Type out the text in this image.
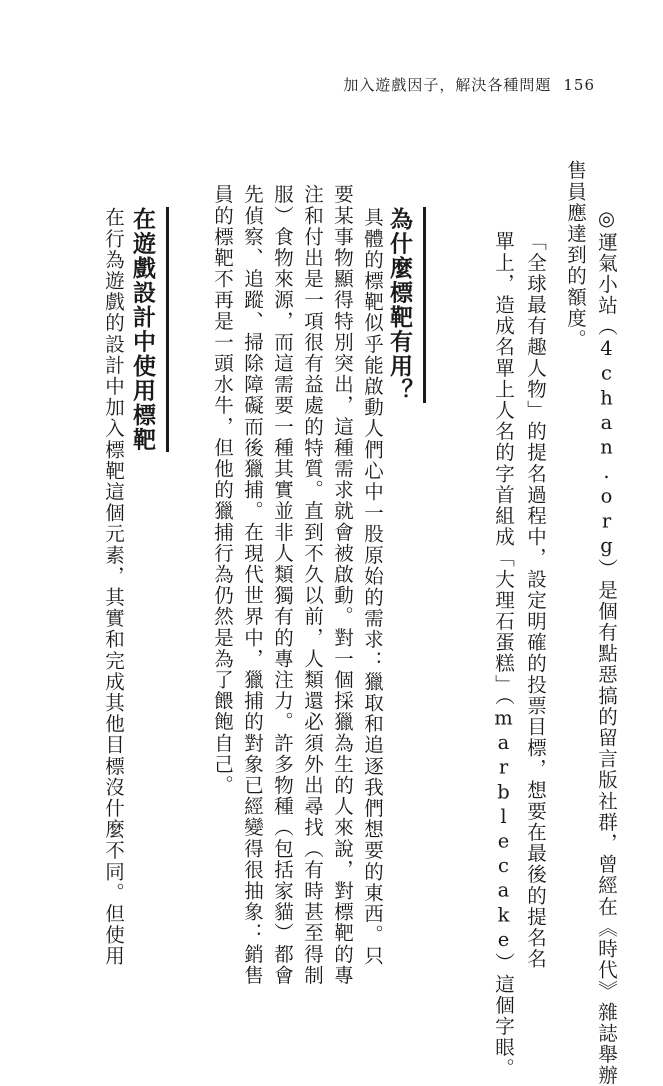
加入遊戲因子，解決各種問題 156
售員應達到的額度。 ◎運氣小站（4chan.org）是個有點惡搞的留言版社群，曾經在《時代》雜誌舉辦
「全球最有趣人物」的提名過程中，設定明確的投票目標，想要在最後的提名名
單上，造成名單上人名的字首組成「大理石蛋糕」（marblecake）這個字眼。
為什麼標靶有用？
具體的標靶似乎能啟動人們心中一股原始的需求：獵取和追逐我們想要的東西。只
要某事物顯得特別突出，這種需求就會被啟動。對一個採獵為生的人來說，對標靶的專
注和付出是一項很有益處的特質。直到不久以前，人類還必須外出尋找（有時甚至得制
服）食物來源，而這需要一種其實並非人類獨有的專注力。許多物種（包括家貓）都會
先偵察、追蹤、掃除障礙而後獵捕。在現代世界中，獵捕的對象已經變得很抽象：銷售
員的標靶不再是一頭水牛，但他的獵捕行為仍然是為了餵飽自己。
在遊戲設計中使用標靶
在行為遊戲的設計中加入標靶這個元素，其實和完成其他目標沒什麼不同。但使用
